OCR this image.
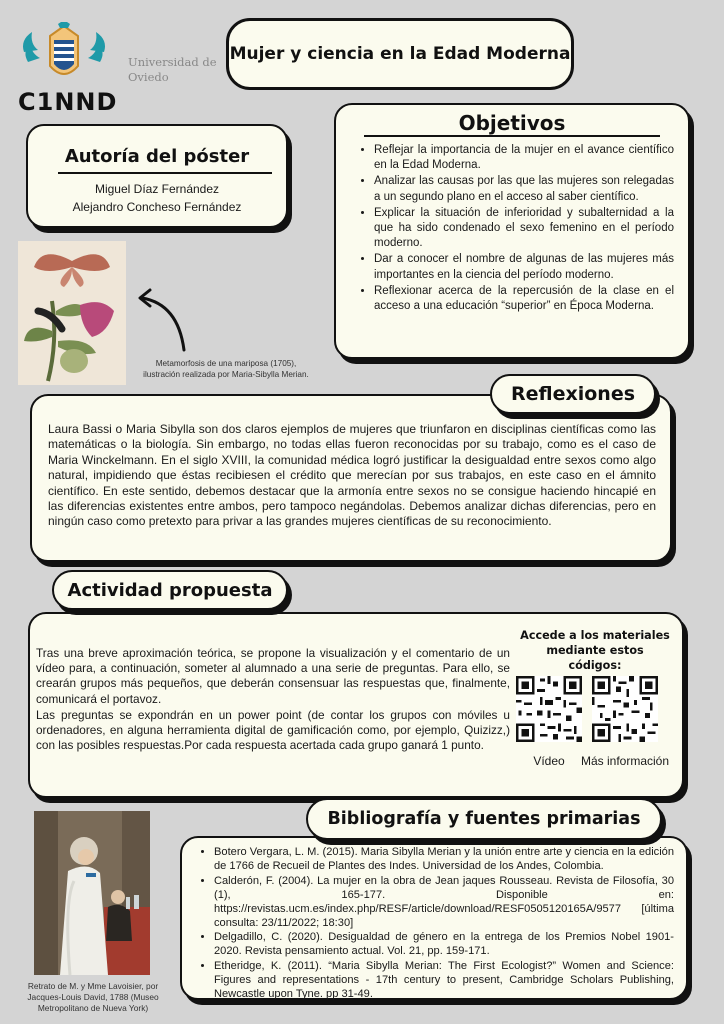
C1NND
Universidad de Oviedo
Mujer y ciencia en la Edad Moderna
Autoría del póster
Miguel Díaz Fernández
Alejandro Concheso Fernández
Metamorfosis de una mariposa (1705), ilustración realizada por Maria-Sibylla Merian.
Objetivos
• Reflejar la importancia de la mujer en el avance científico en la Edad Moderna.
• Analizar las causas por las que las mujeres son relegadas a un segundo plano en el acceso al saber científico.
• Explicar la situación de inferioridad y subalternidad a la que ha sido condenado el sexo femenino en el período moderno.
• Dar a conocer el nombre de algunas de las mujeres más importantes en la ciencia del período moderno.
• Reflexionar acerca de la repercusión de la clase en el acceso a una educación “superior” en Época Moderna.
Laura Bassi o Maria Sibylla son dos claros ejemplos de mujeres que triunfaron en disciplinas científicas como las matemáticas o la biología. Sin embargo, no todas ellas fueron reconocidas por su trabajo, como es el caso de Maria Winckelmann. En el siglo XVIII, la comunidad médica logró justificar la desigualdad entre sexos como algo natural, impidiendo que éstas recibiesen el crédito que merecían por sus trabajos, en este caso en el ámnito científico. En este sentido, debemos destacar que la armonía entre sexos no se consigue haciendo hincapié en las diferencias existentes entre ambos, pero tampoco negándolas. Debemos analizar dichas diferencias, pero en ningún caso como pretexto para privar a las grandes mujeres científicas de su reconocimiento.
Reflexiones
Tras una breve aproximación teórica, se propone la visualización y el comentario de un vídeo para, a continuación, someter al alumnado a una serie de preguntas. Para ello, se crearán grupos más pequeños, que deberán consensuar las respuestas que, finalmente, comunicará el portavoz.
Las preguntas se expondrán en un power point (de contar los grupos con móviles u ordenadores, en alguna herramienta digital de gamificación como, por ejemplo, Quizizz,) con las posibles respuestas.Por cada respuesta acertada cada grupo ganará 1 punto.
Accede a los materiales mediante estos códigos:
Vídeo	Más información
Actividad propuesta
Retrato de M. y Mme Lavoisier, por Jacques-Louis David, 1788 (Museo Metropolitano de Nueva York)
• Botero Vergara, L. M. (2015). Maria Sibylla Merian y la unión entre arte y ciencia en la edición de 1766 de Recueil de Plantes des Indes. Universidad de los Andes, Colombia.
• Calderón, F. (2004). La mujer en la obra de Jean jaques Rousseau. Revista de Filosofía, 30 (1), 165-177. Disponible en: https://revistas.ucm.es/index.php/RESF/article/download/RESF0505120165A/9577 [última consulta: 23/11/2022; 18:30]
• Delgadillo, C. (2020). Desigualdad de género en la entrega de los Premios Nobel 1901- 2020. Revista pensamiento actual. Vol. 21, pp. 159-171.
• Etheridge, K. (2011). “Maria Sibylla Merian: The First Ecologist?” Women and Science: Figures and representations - 17th century to present, Cambridge Scholars Publishing, Newcastle upon Tyne. pp 31-49.
Bibliografía y fuentes primarias
